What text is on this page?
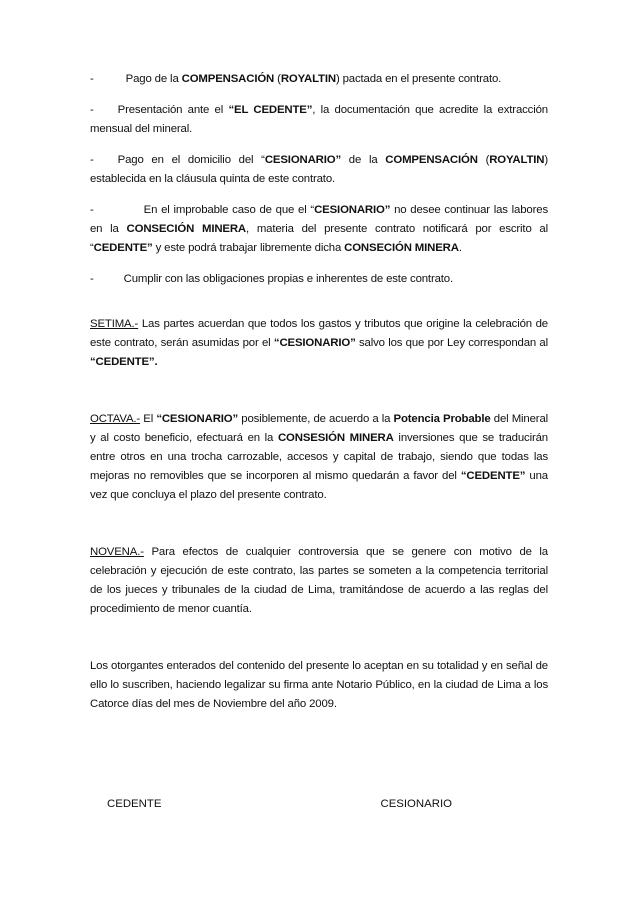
-	Pago de la COMPENSACIÓN (ROYALTIN) pactada en el presente contrato.

- Presentación ante el “EL CEDENTE”, la documentación que acredite la extracción mensual del mineral.

- Pago en el domicilio del “CESIONARIO” de la COMPENSACIÓN (ROYALTIN) establecida en la cláusula quinta de este contrato.

-	En el improbable caso de que el “CESIONARIO” no desee continuar las labores en la CONSECIÓN MINERA, materia del presente contrato notificará por escrito al “CEDENTE” y este podrá trabajar libremente dicha CONSECIÓN MINERA.

-	Cumplir con las obligaciones propias e inherentes de este contrato.

SETIMA.- Las partes acuerdan que todos los gastos y tributos que origine la celebración de este contrato, serán asumidas por el “CESIONARIO” salvo los que por Ley correspondan al “CEDENTE”.

OCTAVA.- El “CESIONARIO” posiblemente, de acuerdo a la Potencia Probable del Mineral y al costo beneficio, efectuará en la CONSESIÓN MINERA inversiones que se traducirán entre otros en una trocha carrozable, accesos y capital de trabajo, siendo que todas las mejoras no removibles que se incorporen al mismo quedarán a favor del “CEDENTE” una vez que concluya el plazo del presente contrato.

NOVENA.- Para efectos de cualquier controversia que se genere con motivo de la celebración y ejecución de este contrato, las partes se someten a la competencia territorial de los jueces y tribunales de la ciudad de Lima, tramitándose de acuerdo a las reglas del procedimiento de menor cuantía.

Los otorgantes enterados del contenido del presente lo aceptan en su totalidad y en señal de ello lo suscriben, haciendo legalizar su firma ante Notario Público, en la ciudad de Lima a los Catorce días del mes de Noviembre del año 2009.

CEDENTE	CESIONARIO
